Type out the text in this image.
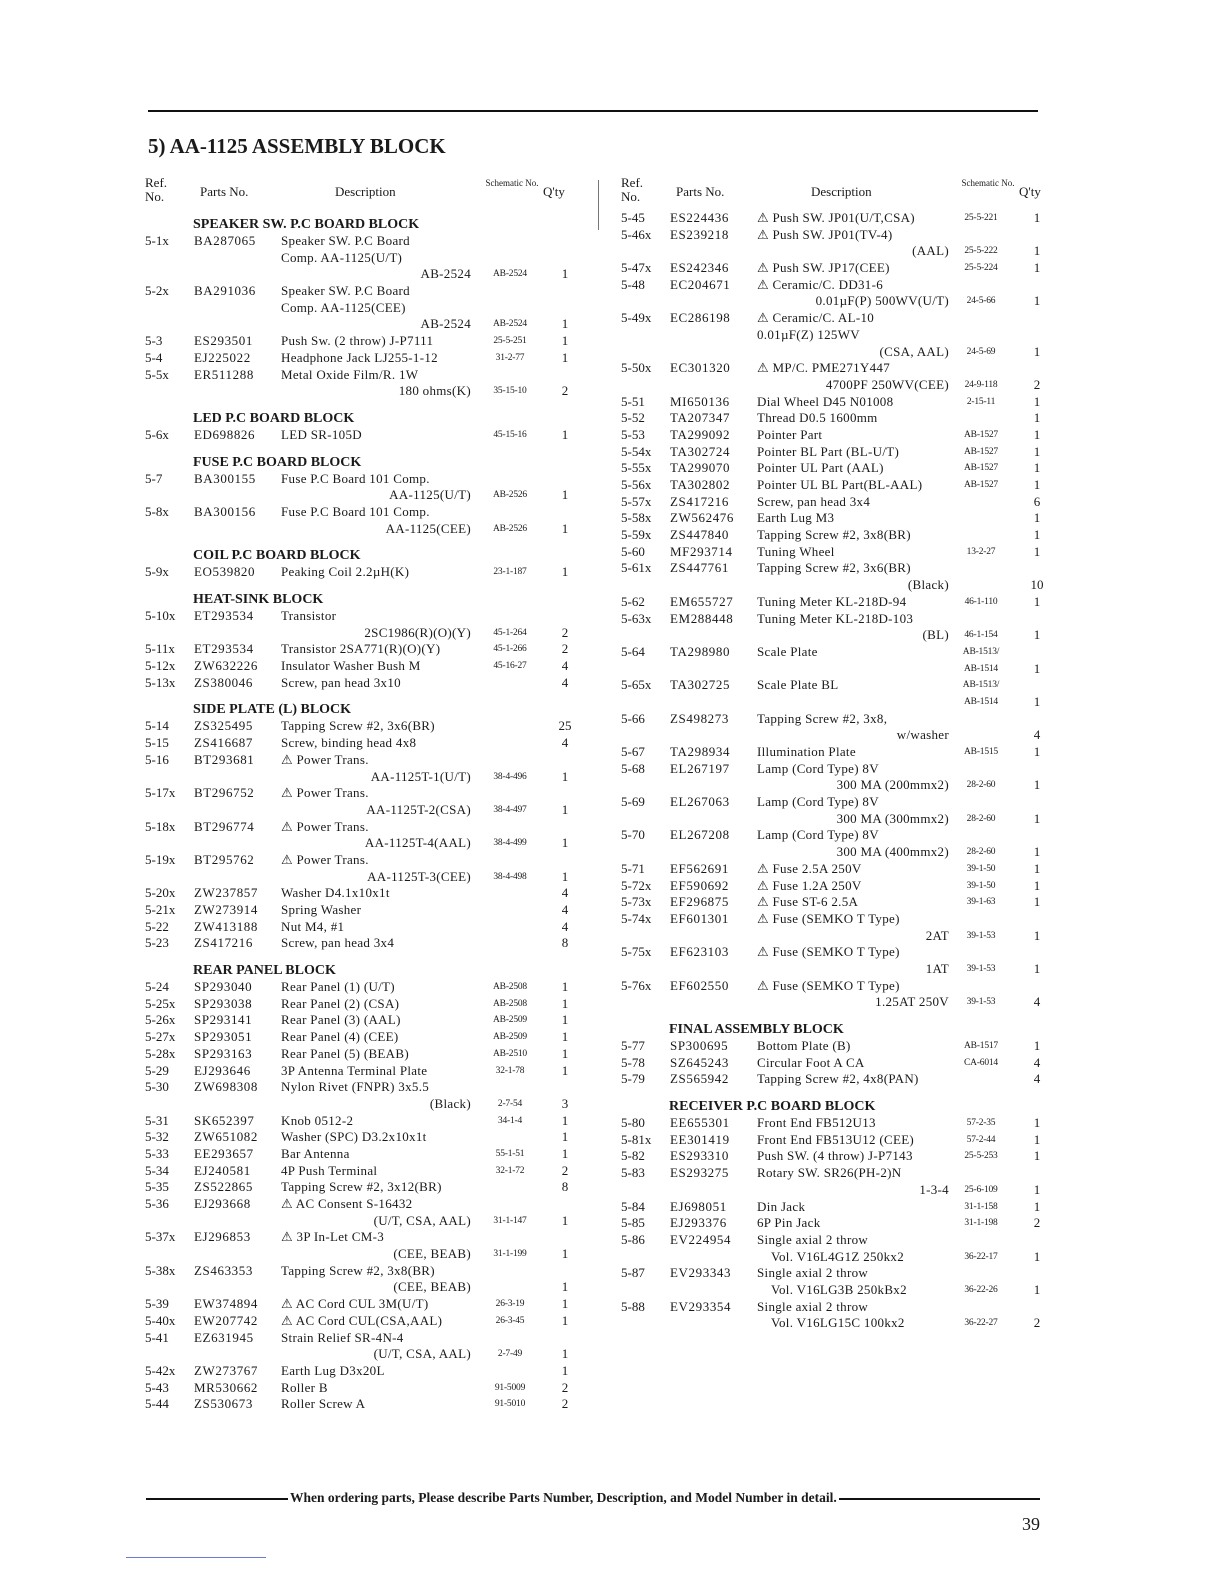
5) AA-1125 ASSEMBLY BLOCK
Ref. No.	Parts No.	Description
Schematic No.
Q'ty
SPEAKER SW. P.C BOARD BLOCK
5-1x	BA287065 Speaker SW. P.C Board
Comp. AA-1125(U/T)
AB-2524	AB-2524	1
5-2x	BA291036 Speaker SW. P.C Board
Comp. AA-1125(CEE)
AB-2524	AB-2524	1
5-3	ES293501 Push Sw. (2 throw) J-P7111	25-5-251	1
5-4	EJ225022 Headphone Jack LJ255-1-12	31-2-77	1
5-5x	ER511288 Metal Oxide Film/R. 1W
180 ohms(K)	35-15-10	2
LED P.C BOARD BLOCK
5-6x	ED698826 LED SR-105D	45-15-16	1
FUSE P.C BOARD BLOCK
5-7	BA300155 Fuse P.C Board 101 Comp.
AA-1125(U/T)	AB-2526	1
5-8x	BA300156 Fuse P.C Board 101 Comp.
AA-1125(CEE)	AB-2526	1
COIL P.C BOARD BLOCK
5-9x	EO539820 Peaking Coil 2.2µH(K)	23-1-187	1
HEAT-SINK BLOCK
5-10x	ET293534 Transistor
2SC1986(R)(O)(Y)	45-1-264	2
5-11x	ET293534 Transistor 2SA771(R)(O)(Y)	45-1-266	2
5-12x	ZW632226 Insulator Washer Bush M	45-16-27	4
5-13x	ZS380046 Screw, pan head 3x10	4
SIDE PLATE (L) BLOCK
5-14	ZS325495 Tapping Screw #2, 3x6(BR)	25
5-15	ZS416687 Screw, binding head 4x8	4
5-16	BT293681 ⚠ Power Trans.
AA-1125T-1(U/T)	38-4-496	1
5-17x	BT296752 ⚠ Power Trans.
AA-1125T-2(CSA)	38-4-497	1
5-18x	BT296774 ⚠ Power Trans.
AA-1125T-4(AAL)	38-4-499	1
5-19x	BT295762 ⚠ Power Trans.
AA-1125T-3(CEE)	38-4-498	1
5-20x	ZW237857 Washer D4.1x10x1t	4
5-21x	ZW273914 Spring Washer	4
5-22	ZW413188 Nut M4, #1	4
5-23	ZS417216 Screw, pan head 3x4	8
REAR PANEL BLOCK
5-24	SP293040 Rear Panel (1) (U/T)	AB-2508	1
5-25x	SP293038 Rear Panel (2) (CSA)	AB-2508	1
5-26x	SP293141 Rear Panel (3) (AAL)	AB-2509	1
5-27x	SP293051 Rear Panel (4) (CEE)	AB-2509	1
5-28x	SP293163 Rear Panel (5) (BEAB)	AB-2510	1
5-29	EJ293646 3P Antenna Terminal Plate	32-1-78	1
5-30	ZW698308 Nylon Rivet (FNPR) 3x5.5
(Black)	2-7-54	3
5-31	SK652397 Knob 0512-2	34-1-4	1
5-32	ZW651082 Washer (SPC) D3.2x10x1t	1
5-33	EE293657 Bar Antenna	55-1-51	1
5-34	EJ240581 4P Push Terminal	32-1-72	2
5-35	ZS522865 Tapping Screw #2, 3x12(BR)	8
5-36	EJ293668 ⚠ AC Consent S-16432
(U/T, CSA, AAL)	31-1-147	1
5-37x	EJ296853 ⚠ 3P In-Let CM-3
(CEE, BEAB)	31-1-199	1
5-38x	ZS463353 Tapping Screw #2, 3x8(BR)
(CEE, BEAB)	1
5-39	EW374894 ⚠ AC Cord CUL 3M(U/T)	26-3-19	1
5-40x	EW207742 ⚠ AC Cord CUL(CSA,AAL)	26-3-45	1
5-41	EZ631945 Strain Relief SR-4N-4
(U/T, CSA, AAL)	2-7-49	1
5-42x	ZW273767 Earth Lug D3x20L	1
5-43	MR530662 Roller B	91-5009	2
5-44	ZS530673 Roller Screw A	91-5010	2
Ref. No.	Parts No.	Description
Schematic No.
Q'ty
5-45	ES224436 ⚠ Push SW. JP01(U/T,CSA)	25-5-221	1
5-46x	ES239218 ⚠ Push SW. JP01(TV-4)
(AAL)	25-5-222	1
5-47x	ES242346 ⚠ Push SW. JP17(CEE)	25-5-224	1
5-48	EC204671 ⚠ Ceramic/C. DD31-6
0.01µF(P) 500WV(U/T)	24-5-66	1
5-49x	EC286198 ⚠ Ceramic/C. AL-10
0.01µF(Z) 125WV
(CSA, AAL)	24-5-69	1
5-50x	EC301320 ⚠ MP/C. PME271Y447
4700PF 250WV(CEE)	24-9-118	2
5-51	MI650136 Dial Wheel D45 N01008	2-15-11	1
5-52	TA207347 Thread D0.5 1600mm	1
5-53	TA299092 Pointer Part	AB-1527	1
5-54x	TA302724 Pointer BL Part (BL-U/T)	AB-1527	1
5-55x	TA299070 Pointer UL Part (AAL)	AB-1527	1
5-56x	TA302802 Pointer UL BL Part(BL-AAL)	AB-1527	1
5-57x	ZS417216 Screw, pan head 3x4	6
5-58x	ZW562476 Earth Lug M3	1
5-59x	ZS447840 Tapping Screw #2, 3x8(BR)	1
5-60	MF293714 Tuning Wheel	13-2-27	1
5-61x	ZS447761 Tapping Screw #2, 3x6(BR)
(Black)	10
5-62	EM655727 Tuning Meter KL-218D-94	46-1-110	1
5-63x	EM288448 Tuning Meter KL-218D-103
(BL)	46-1-154	1
5-64	TA298980 Scale Plate	AB-1513/
AB-1514	1
5-65x	TA302725 Scale Plate BL	AB-1513/
AB-1514	1
5-66	ZS498273 Tapping Screw #2, 3x8,
w/washer	4
5-67	TA298934 Illumination Plate	AB-1515	1
5-68	EL267197 Lamp (Cord Type) 8V
300 MA (200mmx2)	28-2-60	1
5-69	EL267063 Lamp (Cord Type) 8V
300 MA (300mmx2)	28-2-60	1
5-70	EL267208 Lamp (Cord Type) 8V
300 MA (400mmx2)	28-2-60	1
5-71	EF562691 ⚠ Fuse 2.5A 250V	39-1-50	1
5-72x	EF590692 ⚠ Fuse 1.2A 250V	39-1-50	1
5-73x	EF296875 ⚠ Fuse ST-6 2.5A	39-1-63	1
5-74x	EF601301 ⚠ Fuse (SEMKO T Type)
2AT	39-1-53	1
5-75x	EF623103 ⚠ Fuse (SEMKO T Type)
1AT	39-1-53	1
5-76x	EF602550 ⚠ Fuse (SEMKO T Type)
1.25AT 250V	39-1-53	4
FINAL ASSEMBLY BLOCK
5-77	SP300695 Bottom Plate (B)	AB-1517	1
5-78	SZ645243 Circular Foot A CA	CA-6014	4
5-79	ZS565942 Tapping Screw #2, 4x8(PAN)	4
RECEIVER P.C BOARD BLOCK
5-80	EE655301 Front End FB512U13	57-2-35	1
5-81x	EE301419 Front End FB513U12 (CEE)	57-2-44	1
5-82	ES293310 Push SW. (4 throw) J-P7143	25-5-253	1
5-83	ES293275 Rotary SW. SR26(PH-2)N
1-3-4	25-6-109	1
5-84	EJ698051 Din Jack	31-1-158	1
5-85	EJ293376 6P Pin Jack	31-1-198	2
5-86	EV224954 Single axial 2 throw
Vol. V16L4G1Z 250kx2	36-22-17	1
5-87	EV293343 Single axial 2 throw
Vol. V16LG3B 250kBx2	36-22-26	1
5-88	EV293354 Single axial 2 throw
Vol. V16LG15C 100kx2	36-22-27	2
When ordering parts, Please describe Parts Number, Description, and Model Number in detail.
39
